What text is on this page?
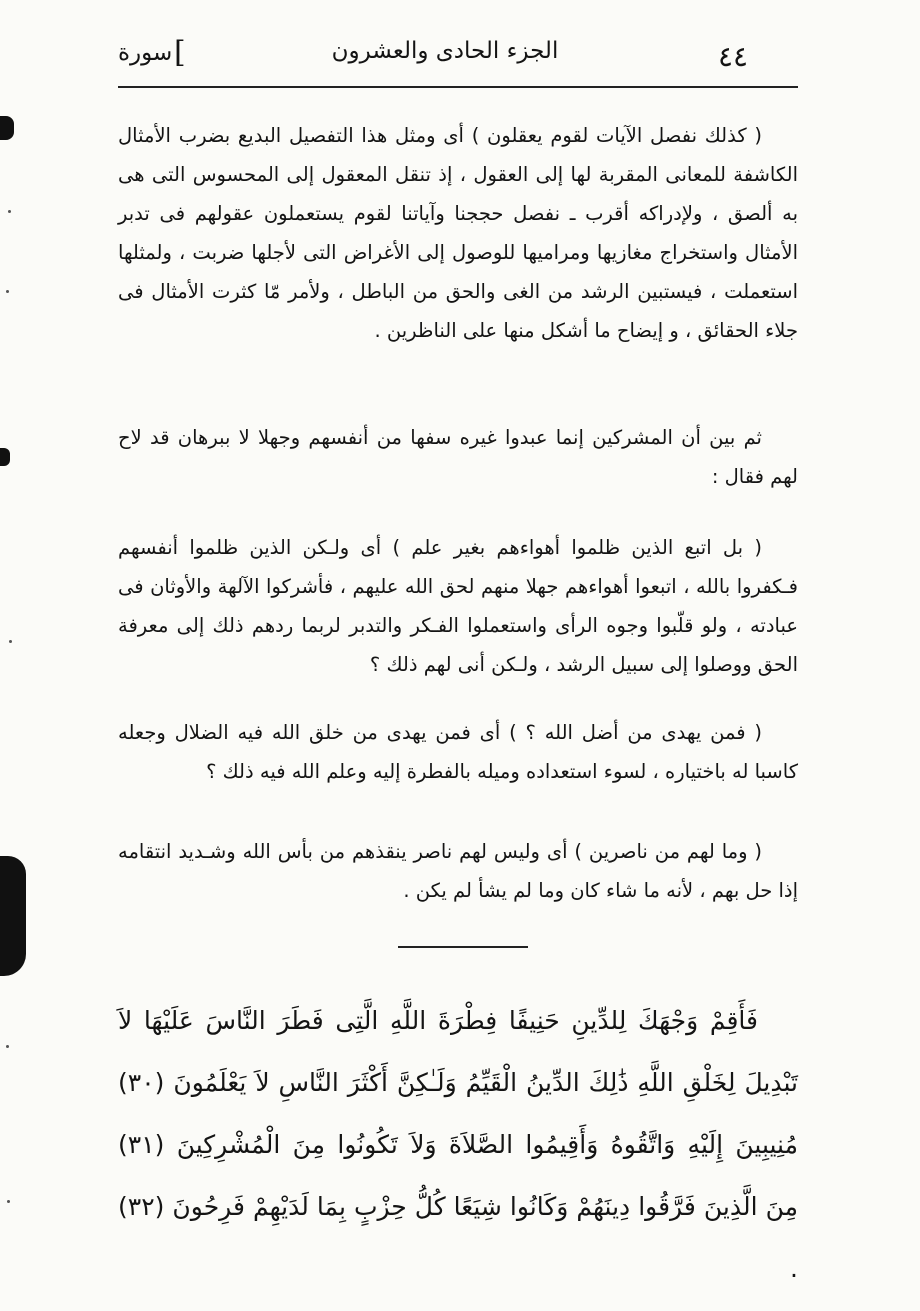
٤٤
الجزء الحادى والعشرون
[
سورة

( كذلك نفصل الآيات لقوم يعقلون ) أى ومثل هذا التفصيل البديع بضرب الأمثال الكاشفة للمعانى المقربة لها إلى العقول ، إذ تنقل المعقول إلى المحسوس التى هى به ألصق ، ولإدراكه أقرب ـ نفصل حججنا وآياتنا لقوم يستعملون عقولهم فى تدبر الأمثال واستخراج مغازيها ومراميها للوصول إلى الأغراض التى لأجلها ضربت ، ولمثلها استعملت ، فيستبين الرشد من الغى والحق من الباطل ، ولأمر مّا كثرت الأمثال فى جلاء الحقائق ، و إيضاح ما أشكل منها على الناظرين .

ثم بين أن المشركين إنما عبدوا غيره سفها من أنفسهم وجهلا لا ببرهان قد لاح لهم فقال :

( بل اتبع الذين ظلموا أهواءهم بغير علم ) أى ولـكن الذين ظلموا أنفسهم فـكفروا بالله ، اتبعوا أهواءهم جهلا منهم لحق الله عليهم ، فأشركوا الآلهة والأوثان فى عبادته ، ولو قلّبوا وجوه الرأى واستعملوا الفـكر والتدبر لربما ردهم ذلك إلى معرفة الحق ووصلوا إلى سبيل الرشد ، ولـكن أنى لهم ذلك ؟

( فمن يهدى من أضل الله ؟ ) أى فمن يهدى من خلق الله فيه الضلال وجعله كاسبا له باختياره ، لسوء استعداده وميله بالفطرة إليه وعلم الله فيه ذلك ؟

( وما لهم من ناصرين ) أى وليس لهم ناصر ينقذهم من بأس الله وشـديد انتقامه إذا حل بهم ، لأنه ما شاء كان وما لم يشأ لم يكن .

فَأَقِمْ وَجْهَكَ لِلدِّينِ حَنِيفًا فِطْرَةَ اللَّهِ الَّتِى فَطَرَ النَّاسَ عَلَيْهَا لاَ تَبْدِيلَ لِخَلْقِ اللَّهِ ذَٰلِكَ الدِّينُ الْقَيِّمُ وَلَـٰكِنَّ أَكْثَرَ النَّاسِ لاَ يَعْلَمُونَ (٣٠) مُنِيبِينَ إِلَيْهِ وَاتَّقُوهُ وَأَقِيمُوا الصَّلاَةَ وَلاَ تَكُونُوا مِنَ الْمُشْرِكِينَ (٣١) مِنَ الَّذِينَ فَرَّقُوا دِينَهُمْ وَكَانُوا شِيَعًا كُلُّ حِزْبٍ بِمَا لَدَيْهِمْ فَرِحُونَ (٣٢) .
